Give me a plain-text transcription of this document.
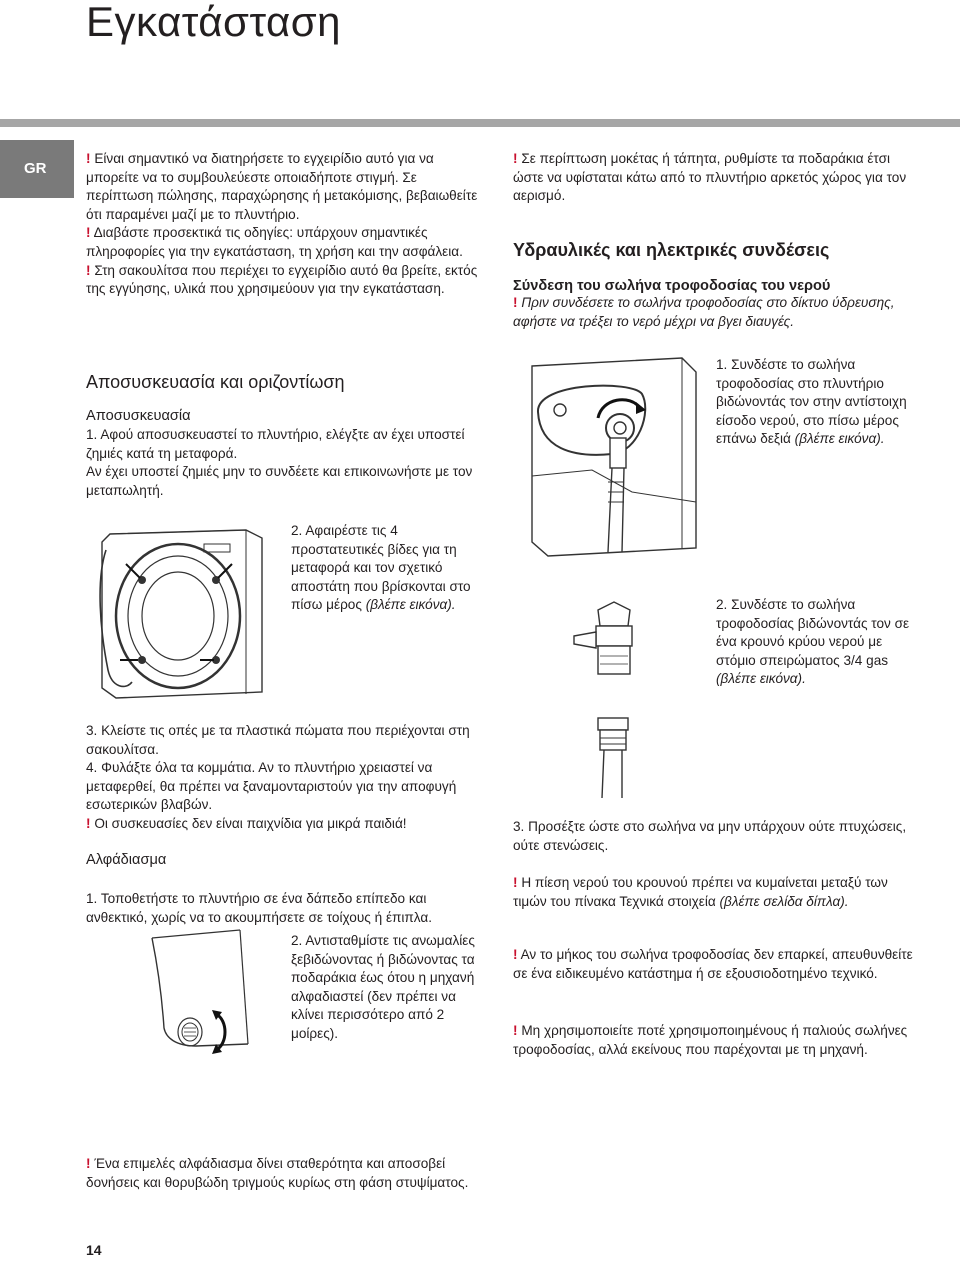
Εγκατάσταση
GR

! Είναι σημαντικό να διατηρήσετε το εγχειρίδιο αυτό για να μπορείτε να το συμβουλεύεστε οποιαδήποτε στιγμή. Σε περίπτωση πώλησης, παραχώρησης ή μετακόμισης, βεβαιωθείτε ότι παραμένει μαζί με το πλυντήριο.

! Διαβάστε προσεκτικά τις οδηγίες: υπάρχουν σημαντικές πληροφορίες για την εγκατάσταση, τη χρήση και την ασφάλεια.

! Στη σακουλίτσα που περιέχει το εγχειρίδιο αυτό θα βρείτε, εκτός της εγγύησης, υλικά που χρησιμεύουν για την εγκατάσταση.

Αποσυσκευασία και οριζοντίωση

Αποσυσκευασία

1. Αφού αποσυσκευαστεί το πλυντήριο, ελέγξτε αν έχει υποστεί ζημιές κατά τη μεταφορά.

Αν έχει υποστεί ζημιές μην το συνδέετε και επικοινωνήστε με τον μεταπωλητή.

2. Αφαιρέστε τις 4 προστατευτικές βίδες για τη μεταφορά και τον σχετικό αποστάτη που βρίσκονται στο πίσω μέρος (βλέπε εικόνα).

3. Κλείστε τις οπές με τα πλαστικά πώματα που περιέχονται στη σακουλίτσα.

4. Φυλάξτε όλα τα κομμάτια. Αν το πλυντήριο χρειαστεί να μεταφερθεί, θα πρέπει να ξαναμονταριστούν για την αποφυγή εσωτερικών βλαβών.

! Οι συσκευασίες δεν είναι παιχνίδια για μικρά παιδιά!

Αλφάδιασμα

1. Τοποθετήστε το πλυντήριο σε ένα δάπεδο επίπεδο και ανθεκτικό, χωρίς να το ακουμπήσετε σε τοίχους ή έπιπλα.

2. Αντισταθμίστε τις ανωμαλίες ξεβιδώνοντας ή βιδώνοντας τα ποδαράκια έως ότου η μηχανή αλφαδιαστεί (δεν πρέπει να κλίνει περισσότερο από 2 μοίρες).

! Ένα επιμελές αλφάδιασμα δίνει σταθερότητα και αποσοβεί δονήσεις και θορυβώδη τριγμούς κυρίως στη φάση στυψίματος.

! Σε περίπτωση μοκέτας ή τάπητα, ρυθμίστε τα ποδαράκια έτσι ώστε να υφίσταται κάτω από το πλυντήριο αρκετός χώρος για τον αερισμό.

Υδραυλικές και ηλεκτρικές συνδέσεις

Σύνδεση του σωλήνα τροφοδοσίας του νερού

! Πριν συνδέσετε το σωλήνα τροφοδοσίας στο δίκτυο ύδρευσης, αφήστε να τρέξει το νερό μέχρι να βγει διαυγές.

1. Συνδέστε το σωλήνα τροφοδοσίας στο πλυντήριο βιδώνοντάς τον στην αντίστοιχη είσοδο νερού, στο πίσω μέρος επάνω δεξιά (βλέπε εικόνα).

2. Συνδέστε το σωλήνα τροφοδοσίας βιδώνοντάς τον σε ένα κρουνό κρύου νερού με στόμιο σπειρώματος 3/4 gas (βλέπε εικόνα).

3. Προσέξτε ώστε στο σωλήνα να μην υπάρχουν ούτε πτυχώσεις, ούτε στενώσεις.

! Η πίεση νερού του κρουνού πρέπει να κυμαίνεται μεταξύ των τιμών του πίνακα Τεχνικά στοιχεία (βλέπε σελίδα δίπλα).

! Αν το μήκος του σωλήνα τροφοδοσίας δεν επαρκεί, απευθυνθείτε σε ένα ειδικευμένο κατάστημα ή σε εξουσιοδοτημένο τεχνικό.

! Μη χρησιμοποιείτε ποτέ χρησιμοποιημένους ή παλιούς σωλήνες τροφοδοσίας, αλλά εκείνους που παρέχονται με τη μηχανή.

14
